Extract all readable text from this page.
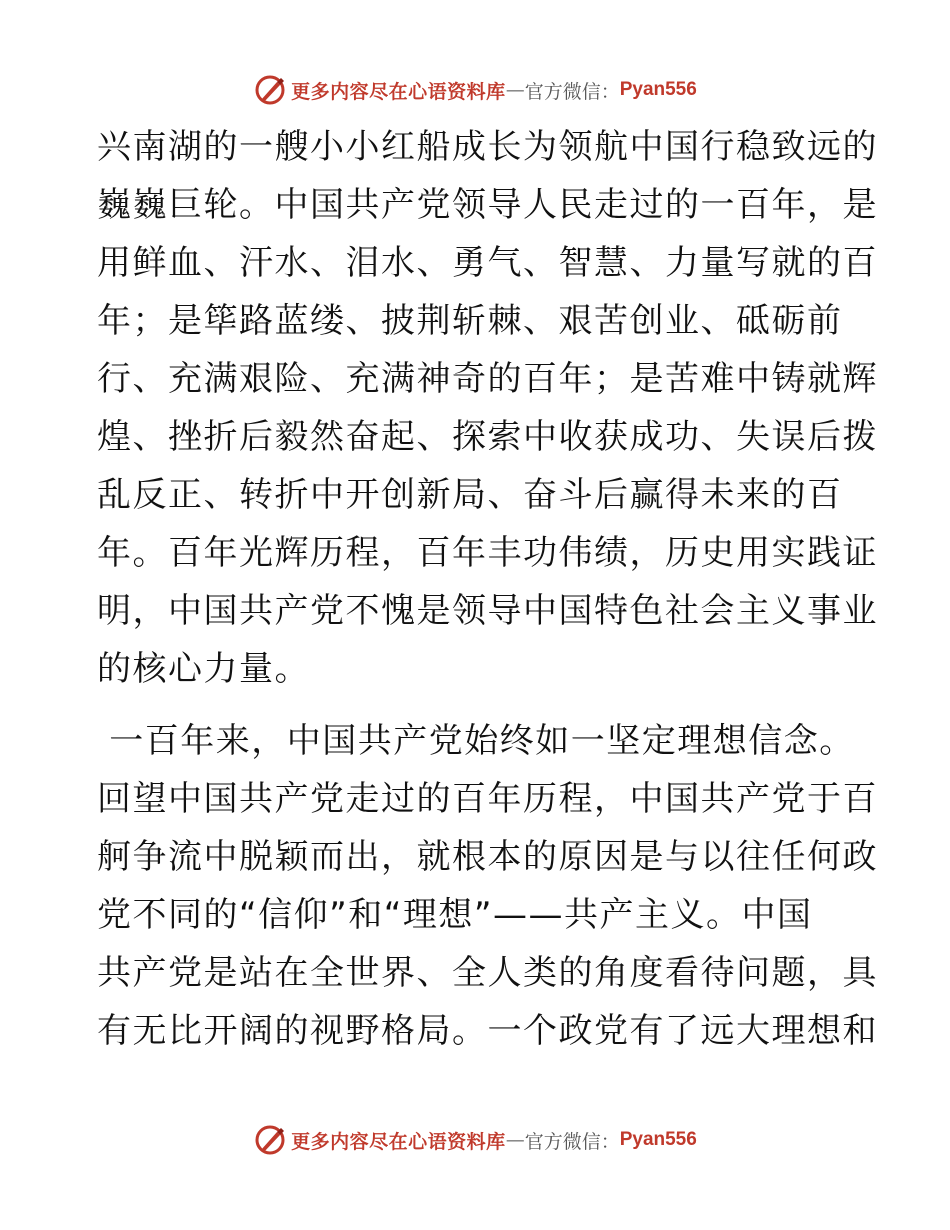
更多内容尽在心语资料库 — 官方微信： Pyan556
兴南湖的一艘小小红船成长为领航中国行稳致远的
巍巍巨轮。中国共产党领导人民走过的一百年，是
用鲜血、汗水、泪水、勇气、智慧、力量写就的百
年；是筚路蓝缕、披荆斩棘、艰苦创业、砥砺前
行、充满艰险、充满神奇的百年；是苦难中铸就辉
煌、挫折后毅然奋起、探索中收获成功、失误后拨
乱反正、转折中开创新局、奋斗后赢得未来的百
年。百年光辉历程，百年丰功伟绩，历史用实践证
明，中国共产党不愧是领导中国特色社会主义事业
的核心力量。
一百年来，中国共产党始终如一坚定理想信念。
回望中国共产党走过的百年历程，中国共产党于百
舸争流中脱颖而出，就根本的原因是与以往任何政
党不同的“信仰”和“理想”——共产主义。中国
共产党是站在全世界、全人类的角度看待问题，具
有无比开阔的视野格局。一个政党有了远大理想和
更多内容尽在心语资料库 — 官方微信： Pyan556
